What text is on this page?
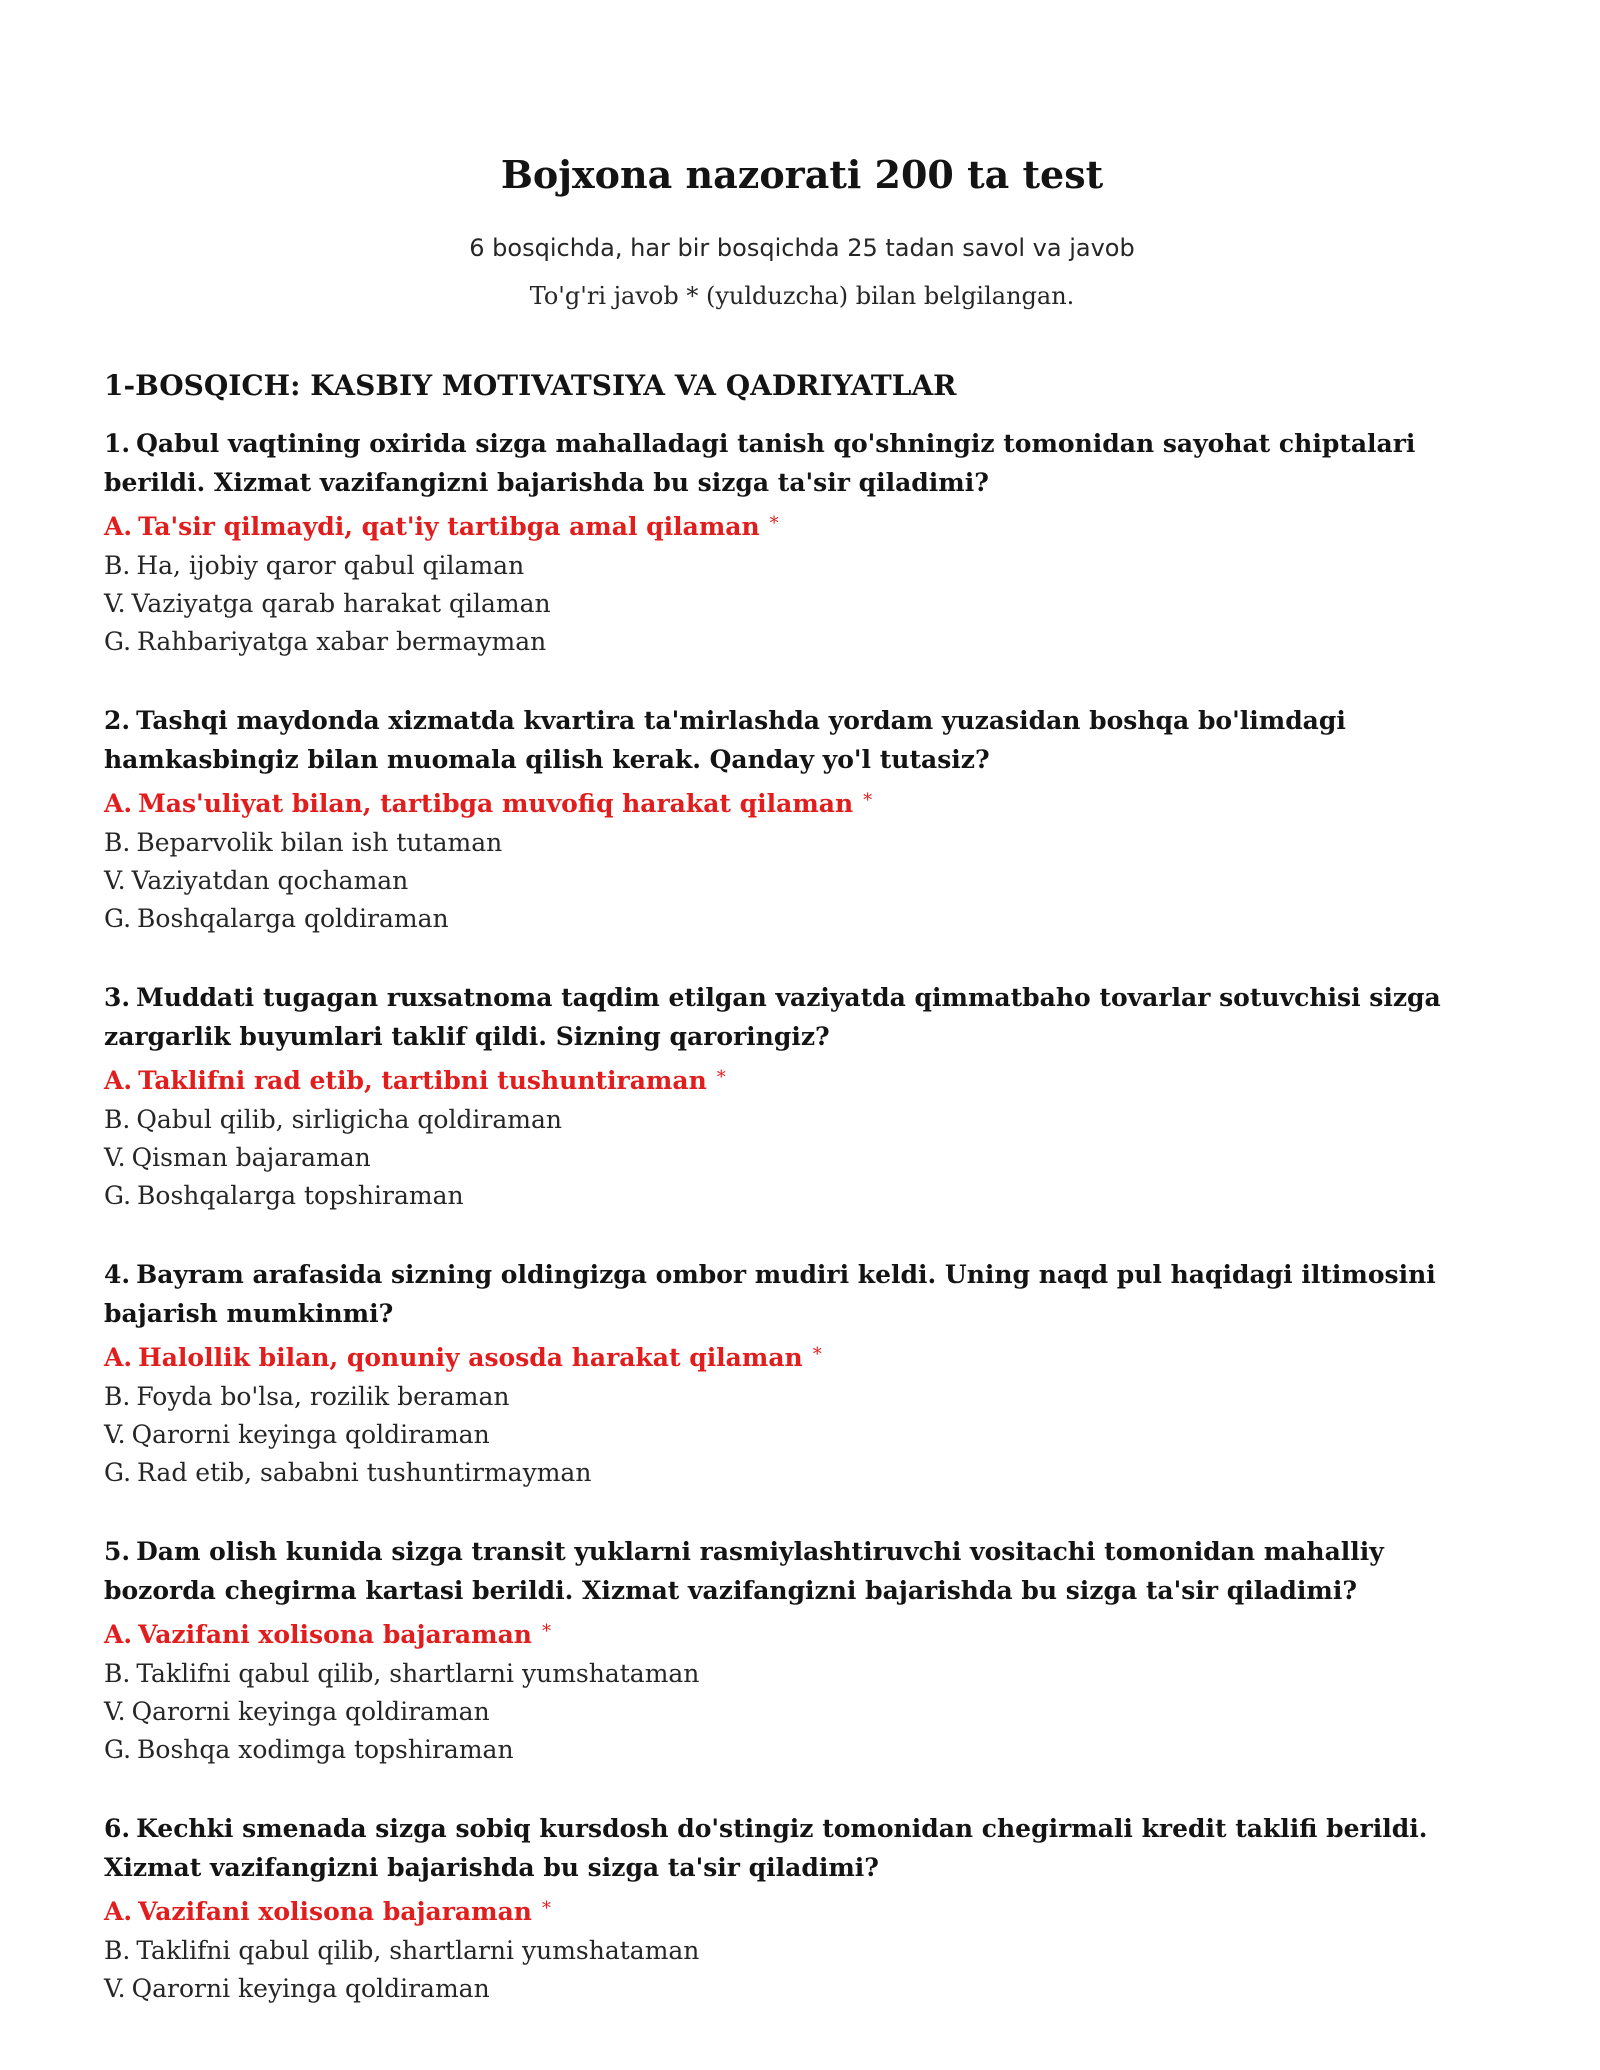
Bojxona nazorati 200 ta test
6 bosqichda, har bir bosqichda 25 tadan savol va javob
To'g'ri javob * (yulduzcha) bilan belgilangan.
1-BOSQICH: KASBIY MOTIVATSIYA VA QADRIYATLAR

1. Qabul vaqtining oxirida sizga mahalladagi tanish qo'shningiz tomonidan sayohat chiptalari berildi. Xizmat vazifangizni bajarishda bu sizga ta'sir qiladimi?

A. Ta'sir qilmaydi, qat'iy tartibga amal qilaman *

B. Ha, ijobiy qaror qabul qilaman

V. Vaziyatga qarab harakat qilaman

G. Rahbariyatga xabar bermayman

2. Tashqi maydonda xizmatda kvartira ta'mirlashda yordam yuzasidan boshqa bo'limdagi hamkasbingiz bilan muomala qilish kerak. Qanday yo'l tutasiz?

A. Mas'uliyat bilan, tartibga muvofiq harakat qilaman *

B. Beparvolik bilan ish tutaman

V. Vaziyatdan qochaman

G. Boshqalarga qoldiraman

3. Muddati tugagan ruxsatnoma taqdim etilgan vaziyatda qimmatbaho tovarlar sotuvchisi sizga zargarlik buyumlari taklif qildi. Sizning qaroringiz?

A. Taklifni rad etib, tartibni tushuntiraman *

B. Qabul qilib, sirligicha qoldiraman

V. Qisman bajaraman

G. Boshqalarga topshiraman

4. Bayram arafasida sizning oldingizga ombor mudiri keldi. Uning naqd pul haqidagi iltimosini bajarish mumkinmi?

A. Halollik bilan, qonuniy asosda harakat qilaman *

B. Foyda bo'lsa, rozilik beraman

V. Qarorni keyinga qoldiraman

G. Rad etib, sababni tushuntirmayman

5. Dam olish kunida sizga transit yuklarni rasmiylashtiruvchi vositachi tomonidan mahalliy bozorda chegirma kartasi berildi. Xizmat vazifangizni bajarishda bu sizga ta'sir qiladimi?

A. Vazifani xolisona bajaraman *

B. Taklifni qabul qilib, shartlarni yumshataman

V. Qarorni keyinga qoldiraman

G. Boshqa xodimga topshiraman

6. Kechki smenada sizga sobiq kursdosh do'stingiz tomonidan chegirmali kredit taklifi berildi. Xizmat vazifangizni bajarishda bu sizga ta'sir qiladimi?

A. Vazifani xolisona bajaraman *

B. Taklifni qabul qilib, shartlarni yumshataman

V. Qarorni keyinga qoldiraman
